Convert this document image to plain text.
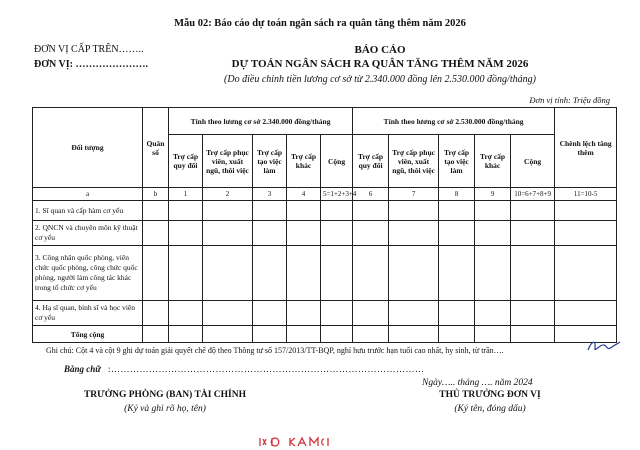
Mẫu 02: Báo cáo dự toán ngân sách ra quân tăng thêm năm 2026
ĐƠN VỊ CẤP TRÊN……..
ĐƠN VỊ: ………………….
BÁO CÁO
DỰ TOÁN NGÂN SÁCH RA QUÂN TĂNG THÊM NĂM 2026
(Do điều chỉnh tiền lương cơ sở từ 2.340.000 đồng lên 2.530.000 đồng/tháng)
Đơn vị tính: Triệu đồng
Đối tượng	Quân số	Tính theo lương cơ sở 2.340.000 đồng/tháng					Tính theo lương cơ sở 2.530.000 đồng/tháng					Chênh lệch tăng thêm
		Trợ cấp quy đổi	Trợ cấp phục viên, xuất ngũ, thôi việc	Trợ cấp tạo việc làm	Trợ cấp khác	Cộng	Trợ cấp quy đổi	Trợ cấp phục viên, xuất ngũ, thôi việc	Trợ cấp tạo việc làm	Trợ cấp khác	Cộng	
a	b	1	2	3	4	5=1+2+3+4	6	7	8	9	10=6+7+8+9	11=10-5
1. Sĩ quan và cấp hàm cơ yếu												
2. QNCN và chuyên môn kỹ thuật cơ yếu												
3. Công nhân quốc phòng, viên chức quốc phòng, công chức quốc phòng, người làm công tác khác trong tổ chức cơ yếu												
4. Hạ sĩ quan, binh sĩ và học viên cơ yếu												
Tổng cộng												
Ghi chú: Cột 4 và cột 9 ghi dự toán giải quyết chế độ theo Thông tư số 157/2013/TT-BQP, nghỉ hưu trước hạn tuổi cao nhất, hy sinh, từ trần….
Bằng chữ :………………………………………………………………………………………
Ngày….. tháng …. năm 2024
TRƯỞNG PHÒNG (BAN) TÀI CHÍNH
(Ký và ghi rõ họ, tên)
THỦ TRƯỞNG ĐƠN VỊ
(Ký tên, đóng dấu)
